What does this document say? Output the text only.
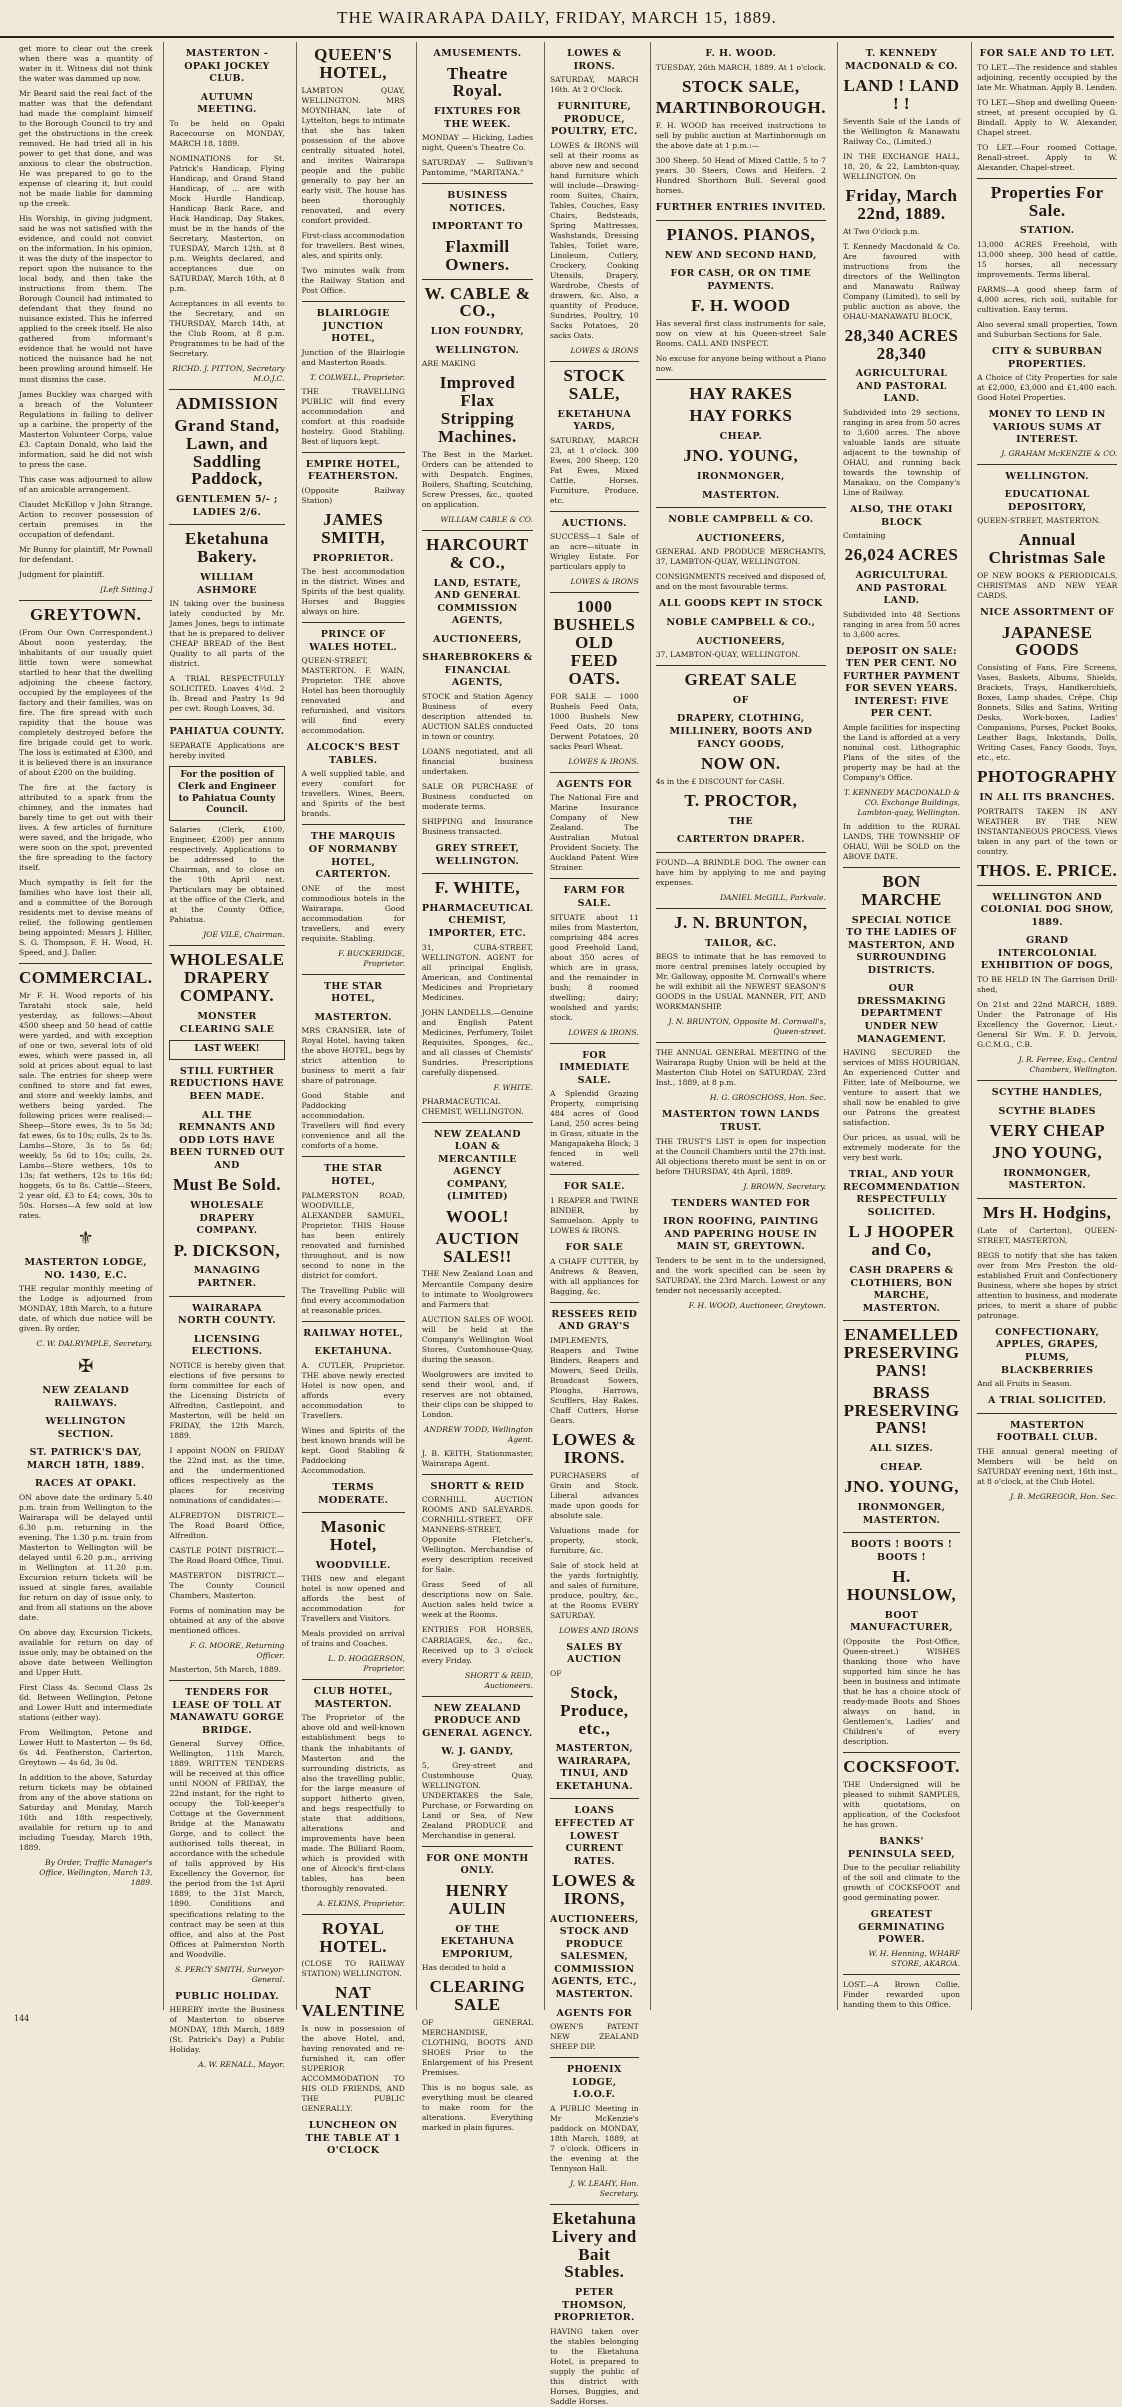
THE WAIRARAPA DAILY, FRIDAY, MARCH 15, 1889.
get more to clear out the creek when there was a quantity of water in it. Witness did not think the water was dammed up now.
Mr Beard said the real fact of the matter was that the defendant had made the complaint himself to the Borough Council to try and get the obstructions in the creek removed. He had tried all in his power to get that done, and was anxious to clear the obstruction. He was prepared to go to the expense of clearing it, but could not be made liable for damming up the creek.
His Worship, in giving judgment, said he was not satisfied with the evidence, and could not convict on the information. In his opinion, it was the duty of the inspector to report upon the nuisance to the local body, and then take the instructions from them. The Borough Council had intimated to defendant that they found no nuisance existed. This he inferred applied to the creek itself. He also gathered from informant's evidence that he would not have noticed the nuisance had he not been prowling around himself. He must dismiss the case.
James Buckley was charged with a breach of the Volunteer Regulations in failing to deliver up a carbine, the property of the Masterton Volunteer Corps, value £3. Captain Donald, who laid the information, said he did not wish to press the case.
This case was adjourned to allow of an amicable arrangement.
Claudet McKillop v John Strange. Action to recover possession of certain premises in the occupation of defendant.
Mr Bunny for plaintiff, Mr Pownall for defendant.
Judgment for plaintiff.
[Left Sitting.]
GREYTOWN.
(From Our Own Correspondent.) About noon yesterday, the inhabitants of our usually quiet little town were somewhat startled to hear that the dwelling adjoining the cheese factory, occupied by the employees of the factory and their families, was on fire. The fire spread with such rapidity that the house was completely destroyed before the fire brigade could get to work. The loss is estimated at £300, and it is believed there is an insurance of about £200 on the building.
The fire at the factory is attributed to a spark from the chimney, and the inmates had barely time to get out with their lives. A few articles of furniture were saved, and the brigade, who were soon on the spot, prevented the fire spreading to the factory itself.
Much sympathy is felt for the families who have lost their all, and a committee of the Borough residents met to devise means of relief, the following gentlemen being appointed: Messrs J. Hillier, S. G. Thompson, F. H. Wood, H. Speed, and J. Daller.
COMMERCIAL.
Mr F. H. Wood reports of his Taratahi stock sale, held yesterday, as follows:—About 4500 sheep and 50 head of cattle were yarded, and with exception of one or two, several lots of old ewes, which were passed in, all sold at prices about equal to last sale. The entries for sheep were confined to store and fat ewes, and store and weekly lambs, and wethers being yarded. The following prices were realised:—Sheep—Store ewes, 3s to 5s 3d; fat ewes, 6s to 10s; culls, 2s to 3s. Lambs—Store, 3s to 5s 6d; weekly, 5s 6d to 10s; culls, 2s. Lambs—Store wethers, 10s to 13s; fat wethers, 12s to 16s 6d; hoggets, 6s to 8s. Cattle—Steers, 2 year old, £3 to £4; cows, 30s to 50s. Horses—A few sold at low rates.
⚜
MASTERTON LODGE, NO. 1430, E.C.
THE regular monthly meeting of the Lodge is adjourned from MONDAY, 18th March, to a future date, of which due notice will be given. By order,
C. W. DALRYMPLE, Secretary.
✠
NEW ZEALAND RAILWAYS.
WELLINGTON SECTION.
ST. PATRICK'S DAY, MARCH 18TH, 1889.
RACES AT OPAKI.
ON above date the ordinary 5.40 p.m. train from Wellington to the Wairarapa will be delayed until 6.30 p.m. returning in the evening. The 1.30 p.m. train from Masterton to Wellington will be delayed until 6.20 p.m., arriving in Wellington at 11.20 p.m. Excursion return tickets will be issued at single fares, available for return on day of issue only, to and from all stations on the above date.
On above day, Excursion Tickets, available for return on day of issue only, may be obtained on the above date between Wellington and Upper Hutt.
First Class 4s. Second Class 2s 6d. Between Wellington, Petone and Lower Hutt and intermediate stations (either way).
From Wellington, Petone and Lower Hutt to Masterton — 9s 6d, 6s 4d. Featherston, Carterton, Greytown — 4s 6d, 3s 0d.
In addition to the above, Saturday return tickets may be obtained from any of the above stations on Saturday and Monday, March 16th and 18th respectively, available for return up to and including Tuesday, March 19th, 1889.
By Order, Traffic Manager's Office, Wellington, March 13, 1889.
MASTERTON - OPAKI JOCKEY CLUB.
AUTUMN MEETING.
To be held on Opaki Racecourse on MONDAY, MARCH 18, 1889.
NOMINATIONS for St. Patrick's Handicap, Flying Handicap, and Grand Stand Handicap, of ... are with Mock Hurdle Handicap, Handicap Back Race, and Hack Handicap, Day Stakes, must be in the hands of the Secretary, Masterton, on TUESDAY, March 12th, at 8 p.m. Weights declared, and acceptances due on SATURDAY, March 16th, at 8 p.m.
Acceptances in all events to the Secretary, and on THURSDAY, March 14th, at the Club Room, at 8 p.m. Programmes to be had of the Secretary.
RICHD. J. PITTON, Secretary M.O.J.C.
ADMISSION
Grand Stand, Lawn, and Saddling Paddock,
GENTLEMEN 5/- ; LADIES 2/6.
Eketahuna Bakery.
WILLIAM ASHMORE
IN taking over the business lately conducted by Mr. James Jones, begs to intimate that he is prepared to deliver CHEAP BREAD of the Best Quality to all parts of the district.
A TRIAL RESPECTFULLY SOLICITED. Loaves 4½d. 2 lb. Bread and Pastry 1s 9d per cwt. Rough Loaves, 3d.
PAHIATUA COUNTY.
SEPARATE Applications are hereby invited
For the position of Clerk and Engineer to Pahiatua County Council.
Salaries (Clerk, £100, Engineer, £200) per annum respectively. Applications to be addressed to the Chairman, and to close on the 10th April next. Particulars may be obtained at the office of the Clerk, and at the County Office, Pahiatua.
JOE VILE, Chairman.
WHOLESALE DRAPERY COMPANY.
MONSTER CLEARING SALE
LAST WEEK!
STILL FURTHER REDUCTIONS HAVE BEEN MADE.
ALL THE REMNANTS AND ODD LOTS HAVE BEEN TURNED OUT AND
Must Be Sold.
WHOLESALE DRAPERY COMPANY.
P. DICKSON,
MANAGING PARTNER.
WAIRARAPA NORTH COUNTY.
LICENSING ELECTIONS.
NOTICE is hereby given that elections of five persons to form committee for each of the Licensing Districts of Alfredton, Castlepoint, and Masterton, will be held on FRIDAY, the 12th March, 1889.
I appoint NOON on FRIDAY the 22nd inst. as the time, and the undermentioned offices respectively as the places for receiving nominations of candidates:—
ALFREDTON DISTRICT.—The Road Board Office, Alfredton.
CASTLE POINT DISTRICT.—The Road Board Office, Tinui.
MASTERTON DISTRICT.—The County Council Chambers, Masterton.
Forms of nomination may be obtained at any of the above mentioned offices.
F. G. MOORE, Returning Officer.
Masterton, 5th March, 1889.
TENDERS FOR LEASE OF TOLL AT MANAWATU GORGE BRIDGE.
General Survey Office, Wellington, 11th March, 1889. WRITTEN TENDERS will be received at this office until NOON of FRIDAY, the 22nd instant, for the right to occupy the Toll-keeper's Cottage at the Government Bridge at the Manawatu Gorge, and to collect the authorised tolls thereat, in accordance with the schedule of tolls approved by His Excellency the Governor, for the period from the 1st April 1889, to the 31st March, 1890. Conditions and specifications relating to the contract may be seen at this office, and also at the Post Offices at Palmerston North and Woodville.
S. PERCY SMITH, Surveyor-General.
PUBLIC HOLIDAY.
HEREBY invite the Business of Masterton to observe MONDAY, 18th March, 1889 (St. Patrick's Day) a Public Holiday.
A. W. RENALL, Mayor.
QUEEN'S HOTEL,
LAMBTON QUAY, WELLINGTON. MRS MOYNIHAN, late of Lyttelton, begs to intimate that she has taken possession of the above centrally situated hotel, and invites Wairarapa people and the public generally to pay her an early visit. The house has been thoroughly renovated, and every comfort provided.
First-class accommodation for travellers. Best wines, ales, and spirits only.
Two minutes walk from the Railway Station and Post Office.
BLAIRLOGIE JUNCTION HOTEL,
Junction of the Blairlogie and Masterton Roads.
T. COLWELL, Proprietor.
THE TRAVELLING PUBLIC will find every accommodation and comfort at this roadside hostelry. Good Stabling. Best of liquors kept.
EMPIRE HOTEL, FEATHERSTON.
(Opposite Railway Station)
JAMES SMITH,
PROPRIETOR.
The best accommodation in the district. Wines and Spirits of the best quality. Horses and Buggies always on hire.
PRINCE OF WALES HOTEL.
QUEEN-STREET, MASTERTON. F. WAIN, Proprietor. THE above Hotel has been thoroughly renovated and refurnished, and visitors will find every accommodation.
ALCOCK'S BEST TABLES.
A well supplied table, and every comfort for travellers. Wines, Beers, and Spirits of the best brands.
THE MARQUIS OF NORMANBY HOTEL, CARTERTON.
ONE of the most commodious hotels in the Wairarapa. Good accommodation for travellers, and every requisite. Stabling.
F. BUCKERIDGE, Proprietor.
THE STAR HOTEL,
MASTERTON.
MRS CRANSIER, late of Royal Hotel, having taken the above HOTEL, begs by strict attention to business to merit a fair share of patronage.
Good Stable and Paddocking accommodation. Travellers will find every convenience and all the comforts of a home.
THE STAR HOTEL,
PALMERSTON ROAD, WOODVILLE, ALEXANDER SAMUEL, Proprietor. THIS House has been entirely renovated and furnished throughout, and is now second to none in the district for comfort.
The Travelling Public will find every accommodation at reasonable prices.
RAILWAY HOTEL,
EKETAHUNA.
A. CUTLER, Proprietor. THE above newly erected Hotel is now open, and affords every accommodation to Travellers.
Wines and Spirits of the best known brands will be kept. Good Stabling & Paddocking Accommodation.
TERMS MODERATE.
Masonic Hotel,
WOODVILLE.
THIS new and elegant hotel is now opened and affords the best of accommodation for Travellers and Visitors.
Meals provided on arrival of trains and Coaches.
L. D. HOGGERSON, Proprietor.
CLUB HOTEL, MASTERTON.
The Proprietor of the above old and well-known establishment begs to thank the inhabitants of Masterton and the surrounding districts, as also the travelling public, for the large measure of support hitherto given, and begs respectfully to state that additions, alterations and improvements have been made. The Billiard Room, which is provided with one of Alcock's first-class tables, has been thoroughly renovated.
A. ELKINS, Proprietor.
ROYAL HOTEL.
(CLOSE TO RAILWAY STATION) WELLINGTON.
NAT VALENTINE
Is now in possession of the above Hotel, and, having renovated and re-furnished it, can offer SUPERIOR ACCOMMODATION TO HIS OLD FRIENDS, AND THE PUBLIC GENERALLY.
LUNCHEON ON THE TABLE AT 1 O'CLOCK
AMUSEMENTS.
Theatre Royal.
FIXTURES FOR THE WEEK.
MONDAY — Hicking, Ladies night, Queen's Theatre Co.
SATURDAY — Sullivan's Pantomime, "MARITANA."
BUSINESS NOTICES.
IMPORTANT TO
Flaxmill Owners.
W. CABLE & CO.,
LION FOUNDRY,
WELLINGTON.
ARE MAKING
Improved Flax Stripping Machines.
The Best in the Market. Orders can be attended to with Despatch. Engines, Boilers, Shafting, Scutching, Screw Presses, &c., quoted on application.
WILLIAM CABLE & CO.
HARCOURT & CO.,
LAND, ESTATE, AND GENERAL COMMISSION AGENTS,
AUCTIONEERS,
SHAREBROKERS & FINANCIAL AGENTS,
STOCK and Station Agency Business of every description attended to. AUCTION SALES conducted in town or country.
LOANS negotiated, and all financial business undertaken.
SALE OR PURCHASE of Business conducted on moderate terms.
SHIPPING and Insurance Business transacted.
GREY STREET, WELLINGTON.
F. WHITE,
PHARMACEUTICAL CHEMIST, IMPORTER, ETC.
31, CUBA-STREET, WELLINGTON. AGENT for all principal English, American, and Continental Medicines and Proprietary Medicines.
JOHN LANDELLS.—Genuine and English Patent Medicines, Perfumery, Toilet Requisites, Sponges, &c., and all classes of Chemists' Sundries. Prescriptions carefully dispensed.
F. WHITE.
PHARMACEUTICAL CHEMIST, WELLINGTON.
NEW ZEALAND LOAN & MERCANTILE AGENCY COMPANY, (LIMITED)
WOOL!
AUCTION SALES!!
THE New Zealand Loan and Mercantile Company desire to intimate to Woolgrowers and Farmers that
AUCTION SALES OF WOOL will be held at the Company's Wellington Wool Stores, Customhouse-Quay, during the season.
Woolgrowers are invited to send their wool, and, if reserves are not obtained, their clips can be shipped to London.
ANDREW TODD, Wellington Agent.
J. B. KEITH, Stationmaster, Wairarapa Agent.
SHORTT & REID
CORNHILL AUCTION ROOMS AND SALEYARDS. CORNHILL-STREET, OFF MANNERS-STREET, Opposite Fletcher's, Wellington. Merchandise of every description received for Sale.
Grass Seed of all descriptions now on Sale. Auction sales held twice a week at the Rooms.
ENTRIES FOR HORSES, CARRIAGES, &c., &c., Received up to 3 o'clock every Friday.
SHORTT & REID, Auctioneers.
NEW ZEALAND PRODUCE AND GENERAL AGENCY.
W. J. GANDY,
5, Grey-street and Customhouse Quay, WELLINGTON. UNDERTAKES the Sale, Purchase, or Forwarding on Land or Sea, of New Zealand PRODUCE and Merchandise in general.
FOR ONE MONTH ONLY.
HENRY AULIN
OF THE EKETAHUNA EMPORIUM,
Has decided to hold a
CLEARING SALE
OF GENERAL MERCHANDISE, CLOTHING, BOOTS AND SHOES Prior to the Enlargement of his Present Premises.
This is no bogus sale, as everything must be cleared to make room for the alterations. Everything marked in plain figures.
LOWES & IRONS.
SATURDAY, MARCH 16th. At 2 O'Clock.
FURNITURE, PRODUCE, POULTRY, ETC.
LOWES & IRONS will sell at their rooms as above new and second hand furniture which will include—Drawing-room Suites, Chairs, Tables, Couches, Easy Chairs, Bedsteads, Spring Mattresses, Washstands, Dressing Tables, Toilet ware, Linoleum, Cutlery, Crockery, Cooking Utensils, Drapery, Wardrobe, Chests of drawers, &c. Also, a quantity of Produce, Sundries, Poultry, 10 Sacks Potatoes, 20 sacks Oats.
LOWES & IRONS
STOCK SALE,
EKETAHUNA YARDS,
SATURDAY, MARCH 23, at 1 o'clock. 300 Ewes, 200 Sheep, 120 Fat Ewes, Mixed Cattle, Horses, Furniture, Produce, etc.
AUCTIONS.
SUCCESS—1 Sale of an acre—situate in Wrigley Estate. For particulars apply to
LOWES & IRONS
1000 BUSHELS OLD FEED OATS.
FOR SALE — 1000 Bushels Feed Oats, 1000 Bushels New Feed Oats, 20 tons Derwent Potatoes, 20 sacks Pearl Wheat.
LOWES & IRONS.
AGENTS FOR
The National Fire and Marine Insurance Company of New Zealand. The Australian Mutual Provident Society. The Auckland Patent Wire Strainer.
FARM FOR SALE.
SITUATE about 11 miles from Masterton, comprising 484 acres good Freehold Land, about 350 acres of which are in grass, and the remainder in bush; 8 roomed dwelling; dairy; woolshed and yards; stock.
LOWES & IRONS.
FOR IMMEDIATE SALE.
A Splendid Grazing Property, comprising 484 acres of Good Land, 250 acres being in Grass, situate in the Mangapakeha Block; 3 fenced in well watered.
FOR SALE.
1 REAPER and TWINE BINDER, by Samuelson. Apply to LOWES & IRONS.
FOR SALE
A CHAFF CUTTER, by Andrews & Beaven, with all appliances for Bagging, &c.
RESSEES REID AND GRAY'S
IMPLEMENTS, Reapers and Twine Binders, Reapers and Mowers, Seed Drills, Broadcast Sowers, Ploughs, Harrows, Scufflers, Hay Rakes, Chaff Cutters, Horse Gears.
LOWES & IRONS.
PURCHASERS of Grain and Stock. Liberal advances made upon goods for absolute sale.
Valuations made for property, stock, furniture, &c.
Sale of stock held at the yards fortnightly, and sales of furniture, produce, poultry, &c., at the Rooms EVERY SATURDAY.
LOWES AND IRONS
SALES BY AUCTION
OF
Stock, Produce, etc.,
MASTERTON, WAIRARAPA, TINUI, AND EKETAHUNA.
LOANS EFFECTED AT LOWEST CURRENT RATES.
LOWES & IRONS,
AUCTIONEERS, STOCK AND PRODUCE SALESMEN, COMMISSION AGENTS, ETC., MASTERTON.
AGENTS FOR
OWEN'S PATENT NEW ZEALAND SHEEP DIP.
PHOENIX LODGE, I.O.O.F.
A PUBLIC Meeting in Mr McKenzie's paddock on MONDAY, 18th March, 1889, at 7 o'clock. Officers in the evening at the Tennyson Hall.
J. W. LEAHY, Hon. Secretary.
Eketahuna Livery and Bait Stables.
PETER THOMSON, PROPRIETOR.
HAVING taken over the stables belonging to the Eketahuna Hotel, is prepared to supply the public of this district with Horses, Buggies, and Saddle Horses.
F. H. WOOD.
TUESDAY, 26th MARCH, 1889. At 1 o'clock.
STOCK SALE,
MARTINBOROUGH.
F. H. WOOD has received instructions to sell by public auction at Martinborough on the above date at 1 p.m.:—
300 Sheep. 50 Head of Mixed Cattle, 5 to 7 years. 30 Steers, Cows and Heifers. 2 Hundred Shorthorn Bull. Several good horses.
FURTHER ENTRIES INVITED.
PIANOS. PIANOS,
NEW AND SECOND HAND,
FOR CASH, OR ON TIME PAYMENTS.
F. H. WOOD
Has several first class instruments for sale, now on view at his Queen-street Sale Rooms. CALL AND INSPECT.
No excuse for anyone being without a Piano now.
HAY RAKES
HAY FORKS
CHEAP.
JNO. YOUNG,
IRONMONGER,
MASTERTON.
NOBLE CAMPBELL & CO.
AUCTIONEERS,
GENERAL AND PRODUCE MERCHANTS, 37, LAMBTON-QUAY, WELLINGTON.
CONSIGNMENTS received and disposed of, and on the most favourable terms.
ALL GOODS KEPT IN STOCK
NOBLE CAMPBELL & CO.,
AUCTIONEERS,
37, LAMBTON-QUAY, WELLINGTON.
GREAT SALE
OF
DRAPERY, CLOTHING, MILLINERY, BOOTS AND FANCY GOODS,
NOW ON.
4s in the £ DISCOUNT for CASH.
T. PROCTOR,
THE
CARTERTON DRAPER.
FOUND—A BRINDLE DOG. The owner can have him by applying to me and paying expenses.
DANIEL McGILL, Parkvale.
J. N. BRUNTON,
TAILOR, &C.
BEGS to intimate that he has removed to more central premises lately occupied by Mr. Galloway, opposite M. Cornwall's where he will exhibit all the NEWEST SEASON'S GOODS in the USUAL MANNER, FIT, AND WORKMANSHIP.
J. N. BRUNTON, Opposite M. Cornwall's, Queen-street.
THE ANNUAL GENERAL MEETING of the Wairarapa Rugby Union will be held at the Masterton Club Hotel on SATURDAY, 23rd Inst., 1889, at 8 p.m.
H. G. GROSCHOSS, Hon. Sec.
MASTERTON TOWN LANDS TRUST.
THE TRUST'S LIST is open for inspection at the Council Chambers until the 27th inst. All objections thereto must be sent in on or before THURSDAY, 4th April, 1889.
J. BROWN, Secretary.
TENDERS WANTED FOR
IRON ROOFING, PAINTING AND PAPERING HOUSE IN MAIN ST, GREYTOWN.
Tenders to be sent in to the undersigned, and the work specified can be seen by SATURDAY, the 23rd March. Lowest or any tender not necessarily accepted.
F. H. WOOD, Auctioneer, Greytown.
T. KENNEDY MACDONALD & CO.
LAND ! LAND ! !
Seventh Sale of the Lands of the Wellington & Manawatu Railway Co., (Limited.)
IN THE EXCHANGE HALL, 18, 20, & 22, Lambton-quay, WELLINGTON. On
Friday, March 22nd, 1889.
At Two O'clock p.m.
T. Kennedy Macdonald & Co. Are favoured with instructions from the directors of the Wellington and Manawatu Railway Company (Limited), to sell by public auction as above, the OHAU-MANAWATU BLOCK,
28,340 ACRES 28,340
AGRICULTURAL AND PASTORAL LAND.
Subdivided into 29 sections, ranging in area from 50 acres to 3,600 acres. The above valuable lands are situate adjacent to the township of OHAU, and running back towards the township of Manakau, on the Company's Line of Railway.
ALSO, THE OTAKI BLOCK
Containing
26,024 ACRES
AGRICULTURAL AND PASTORAL LAND.
Subdivided into 48 Sections ranging in area from 50 acres to 3,600 acres.
DEPOSIT ON SALE: TEN PER CENT. NO FURTHER PAYMENT FOR SEVEN YEARS. INTEREST: FIVE PER CENT.
Ample facilities for inspecting the Land is afforded at a very nominal cost. Lithographic Plans of the sites of the property may be had at the Company's Office.
T. KENNEDY MACDONALD & CO. Exchange Buildings, Lambton-quay, Wellington.
In addition to the RURAL LANDS, THE TOWNSHIP OF OHAU, Will be SOLD on the ABOVE DATE.
BON MARCHE
SPECIAL NOTICE TO THE LADIES OF MASTERTON, AND SURROUNDING DISTRICTS.
OUR DRESSMAKING DEPARTMENT UNDER NEW MANAGEMENT.
HAVING SECURED the services of MISS HOURIGAN, An experienced Cutter and Fitter, late of Melbourne, we venture to assert that we shall now be enabled to give our Patrons the greatest satisfaction.
Our prices, as usual, will be extremely moderate for the very best work.
TRIAL, AND YOUR RECOMMENDATION RESPECTFULLY SOLICITED.
L J HOOPER and Co,
CASH DRAPERS & CLOTHIERS, BON MARCHE, MASTERTON.
ENAMELLED PRESERVING PANS!
BRASS PRESERVING PANS!
ALL SIZES.
CHEAP.
JNO. YOUNG,
IRONMONGER, MASTERTON.
BOOTS ! BOOTS ! BOOTS !
H. HOUNSLOW,
BOOT MANUFACTURER,
(Opposite the Post-Office, Queen-street.) WISHES thanking those who have supported him since he has been in business and intimate that he has a choice stock of ready-made Boots and Shoes always on hand, in Gentlemen's, Ladies' and Children's of every description.
COCKSFOOT.
THE Undersigned will be pleased to submit SAMPLES, with quotations, on application, of the Cocksfoot he has grown.
BANKS' PENINSULA SEED,
Due to the peculiar reliability of the soil and climate to the growth of COCKSFOOT and good germinating power.
GREATEST GERMINATING POWER.
W. H. Henning, WHARF STORE, AKAROA.
LOST.—A Brown Collie, Finder rewarded upon handing them to this Office.
FOR SALE AND TO LET.
TO LET.—The residence and stables adjoining, recently occupied by the late Mr. Whatman. Apply B. Lenden.
TO LET.—Shop and dwelling Queen-street, at present occupied by G. Bindall. Apply to W. Alexander, Chapel street.
TO LET.—Four roomed Cottage, Renall-street. Apply to W. Alexander, Chapel-street.
Properties For Sale.
STATION.
13,000 ACRES Freehold, with 13,000 sheep, 300 head of cattle, 15 horses, all necessary improvements. Terms liberal.
FARMS—A good sheep farm of 4,000 acres, rich soil, suitable for cultivation. Easy terms.
Also several small properties, Town and Suburban Sections for Sale.
CITY & SUBURBAN PROPERTIES.
A Choice of City Properties for sale at £2,000, £3,000 and £1,400 each. Good Hotel Properties.
MONEY TO LEND IN VARIOUS SUMS AT INTEREST.
J. GRAHAM McKENZIE & CO.
WELLINGTON.
EDUCATIONAL DEPOSITORY,
QUEEN-STREET, MASTERTON.
Annual Christmas Sale
OF NEW BOOKS & PERIODICALS, CHRISTMAS AND NEW YEAR CARDS.
NICE ASSORTMENT OF
JAPANESE GOODS
Consisting of Fans, Fire Screens, Vases, Baskets, Albums, Shields, Brackets, Trays, Handkerchiefs, Boxes, Lamp shades, Crêpe, Chip Bonnets, Silks and Satins, Writing Desks, Work-boxes, Ladies' Companions, Purses, Pocket Books, Leather Bags, Inkstands, Dolls, Writing Cases, Fancy Goods, Toys, etc., etc.
PHOTOGRAPHY
IN ALL ITS BRANCHES.
PORTRAITS TAKEN IN ANY WEATHER BY THE NEW INSTANTANEOUS PROCESS. Views taken in any part of the town or country.
THOS. E. PRICE.
WELLINGTON AND COLONIAL DOG SHOW, 1889.
GRAND INTERCOLONIAL EXHIBITION OF DOGS,
TO BE HELD IN The Garrison Drill-shed,
On 21st and 22nd MARCH, 1889. Under the Patronage of His Excellency the Governor, Lieut.-General Sir Wm. F. D. Jervois, G.C.M.G., C.B.
J. R. Ferree, Esq., Central Chambers, Wellington.
SCYTHE HANDLES,
SCYTHE BLADES
VERY CHEAP
JNO YOUNG,
IRONMONGER, MASTERTON.
Mrs H. Hodgins,
(Late of Carterton), QUEEN-STREET, MASTERTON,
BEGS to notify that she has taken over from Mrs Preston the old-established Fruit and Confectionery Business, where she hopes by strict attention to business, and moderate prices, to merit a share of public patronage.
CONFECTIONARY, APPLES, GRAPES, PLUMS, BLACKBERRIES
And all Fruits in Season.
A TRIAL SOLICITED.
MASTERTON FOOTBALL CLUB.
THE annual general meeting of Members will be held on SATURDAY evening next, 16th inst., at 8 o'clock, at the Club Hotel.
J. B. McGREGOR, Hon. Sec.
144
